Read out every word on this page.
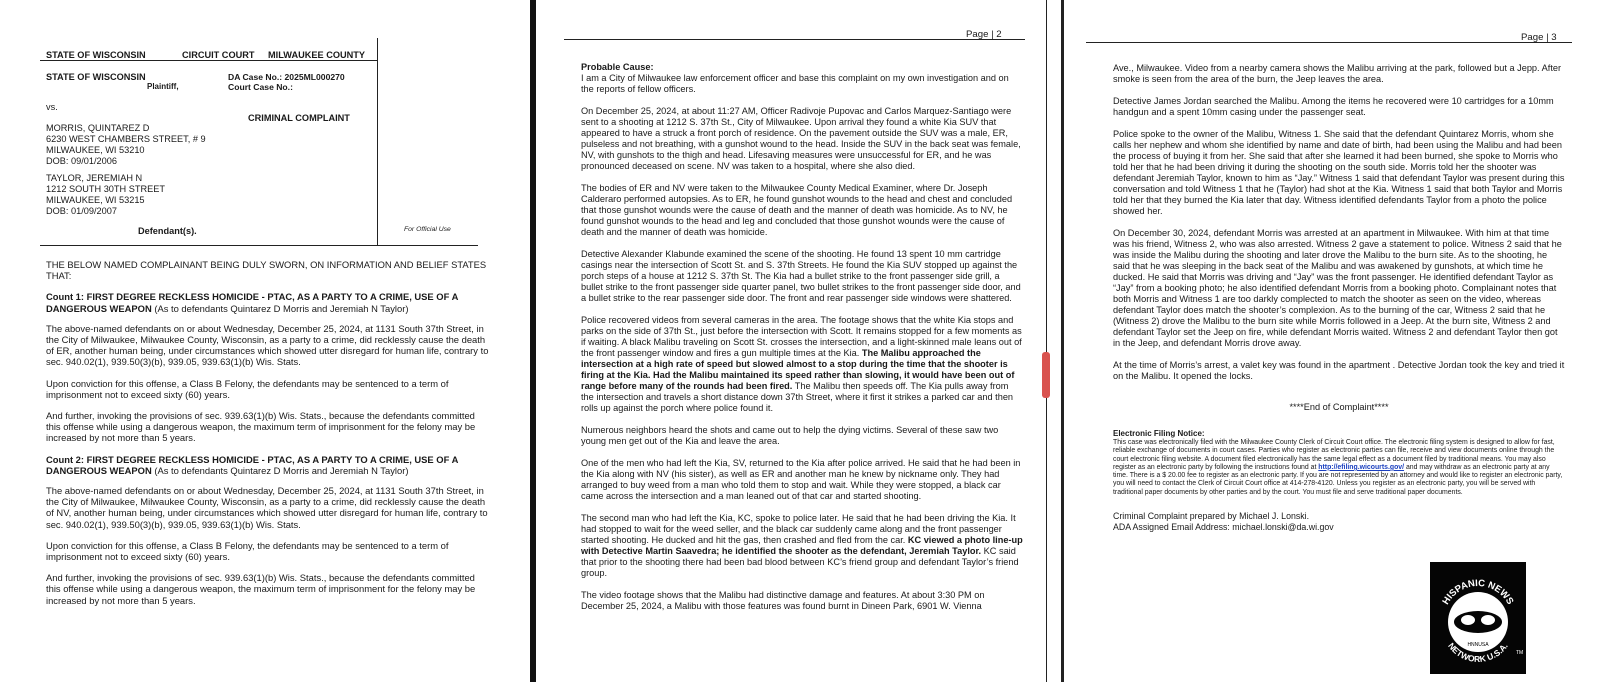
STATE OF WISCONSIN	CIRCUIT COURT MILWAUKEE COUNTY
STATE OF WISCONSIN
Plaintiff,
DA Case No.: 2025ML000270
Court Case No.:
vs.
CRIMINAL COMPLAINT
MORRIS, QUINTAREZ D
6230 WEST CHAMBERS STREET, # 9
MILWAUKEE, WI 53210
DOB: 09/01/2006
TAYLOR, JEREMIAH N
1212 SOUTH 30TH STREET
MILWAUKEE, WI 53215
DOB: 01/09/2007
Defendant(s).	For Official Use

THE BELOW NAMED COMPLAINANT BEING DULY SWORN, ON INFORMATION AND BELIEF STATES THAT:

Count 1: FIRST DEGREE RECKLESS HOMICIDE - PTAC, AS A PARTY TO A CRIME, USE OF A DANGEROUS WEAPON (As to defendants Quintarez D Morris and Jeremiah N Taylor)

The above-named defendants on or about Wednesday, December 25, 2024, at 1131 South 37th Street, in the City of Milwaukee, Milwaukee County, Wisconsin, as a party to a crime, did recklessly cause the death of ER, another human being, under circumstances which showed utter disregard for human life, contrary to sec. 940.02(1), 939.50(3)(b), 939.05, 939.63(1)(b) Wis. Stats.

Upon conviction for this offense, a Class B Felony, the defendants may be sentenced to a term of imprisonment not to exceed sixty (60) years.

And further, invoking the provisions of sec. 939.63(1)(b) Wis. Stats., because the defendants committed this offense while using a dangerous weapon, the maximum term of imprisonment for the felony may be increased by not more than 5 years.

Count 2: FIRST DEGREE RECKLESS HOMICIDE - PTAC, AS A PARTY TO A CRIME, USE OF A DANGEROUS WEAPON (As to defendants Quintarez D Morris and Jeremiah N Taylor)

The above-named defendants on or about Wednesday, December 25, 2024, at 1131 South 37th Street, in the City of Milwaukee, Milwaukee County, Wisconsin, as a party to a crime, did recklessly cause the death of NV, another human being, under circumstances which showed utter disregard for human life, contrary to sec. 940.02(1), 939.50(3)(b), 939.05, 939.63(1)(b) Wis. Stats.

Upon conviction for this offense, a Class B Felony, the defendants may be sentenced to a term of imprisonment not to exceed sixty (60) years.

And further, invoking the provisions of sec. 939.63(1)(b) Wis. Stats., because the defendants committed this offense while using a dangerous weapon, the maximum term of imprisonment for the felony may be increased by not more than 5 years.

Page | 2

Probable Cause:
I am a City of Milwaukee law enforcement officer and base this complaint on my own investigation and on the reports of fellow officers.

On December 25, 2024, at about 11:27 AM, Officer Radivoje Pupovac and Carlos Marquez-Santiago were sent to a shooting at 1212 S. 37th St., City of Milwaukee. Upon arrival they found a white Kia SUV that appeared to have a struck a front porch of residence. On the pavement outside the SUV was a male, ER, pulseless and not breathing, with a gunshot wound to the head. Inside the SUV in the back seat was female, NV, with gunshots to the thigh and head. Lifesaving measures were unsuccessful for ER, and he was pronounced deceased on scene. NV was taken to a hospital, where she also died.

The bodies of ER and NV were taken to the Milwaukee County Medical Examiner, where Dr. Joseph Calderaro performed autopsies. As to ER, he found gunshot wounds to the head and chest and concluded that those gunshot wounds were the cause of death and the manner of death was homicide. As to NV, he found gunshot wounds to the head and leg and concluded that those gunshot wounds were the cause of death and the manner of death was homicide.

Detective Alexander Klabunde examined the scene of the shooting. He found 13 spent 10 mm cartridge casings near the intersection of Scott St. and S. 37th Streets. He found the Kia SUV stopped up against the porch steps of a house at 1212 S. 37th St. The Kia had a bullet strike to the front passenger side grill, a bullet strike to the front passenger side quarter panel, two bullet strikes to the front passenger side door, and a bullet strike to the rear passenger side door. The front and rear passenger side windows were shattered.

Police recovered videos from several cameras in the area. The footage shows that the white Kia stops and parks on the side of 37th St., just before the intersection with Scott. It remains stopped for a few moments as if waiting. A black Malibu traveling on Scott St. crosses the intersection, and a light-skinned male leans out of the front passenger window and fires a gun multiple times at the Kia. The Malibu approached the intersection at a high rate of speed but slowed almost to a stop during the time that the shooter is firing at the Kia. Had the Malibu maintained its speed rather than slowing, it would have been out of range before many of the rounds had been fired. The Malibu then speeds off. The Kia pulls away from the intersection and travels a short distance down 37th Street, where it first it strikes a parked car and then rolls up against the porch where police found it.

Numerous neighbors heard the shots and came out to help the dying victims. Several of these saw two young men get out of the Kia and leave the area.

One of the men who had left the Kia, SV, returned to the Kia after police arrived. He said that he had been in the Kia along with NV (his sister), as well as ER and another man he knew by nickname only. They had arranged to buy weed from a man who told them to stop and wait. While they were stopped, a black car came across the intersection and a man leaned out of that car and started shooting.

The second man who had left the Kia, KC, spoke to police later. He said that he had been driving the Kia. It had stopped to wait for the weed seller, and the black car suddenly came along and the front passenger started shooting. He ducked and hit the gas, then crashed and fled from the car. KC viewed a photo line-up with Detective Martin Saavedra; he identified the shooter as the defendant, Jeremiah Taylor. KC said that prior to the shooting there had been bad blood between KC’s friend group and defendant Taylor’s friend group.

The video footage shows that the Malibu had distinctive damage and features. At about 3:30 PM on December 25, 2024, a Malibu with those features was found burnt in Dineen Park, 6901 W. Vienna

Page | 3

Ave., Milwaukee. Video from a nearby camera shows the Malibu arriving at the park, followed but a Jepp. After smoke is seen from the area of the burn, the Jeep leaves the area.

Detective James Jordan searched the Malibu. Among the items he recovered were 10 cartridges for a 10mm handgun and a spent 10mm casing under the passenger seat.

Police spoke to the owner of the Malibu, Witness 1. She said that the defendant Quintarez Morris, whom she calls her nephew and whom she identified by name and date of birth, had been using the Malibu and had been the process of buying it from her. She said that after she learned it had been burned, she spoke to Morris who told her that he had been driving it during the shooting on the south side. Morris told her the shooter was defendant Jeremiah Taylor, known to him as “Jay.” Witness 1 said that defendant Taylor was present during this conversation and told Witness 1 that he (Taylor) had shot at the Kia. Witness 1 said that both Taylor and Morris told her that they burned the Kia later that day. Witness identified defendants Taylor from a photo the police showed her.

On December 30, 2024, defendant Morris was arrested at an apartment in Milwaukee. With him at that time was his friend, Witness 2, who was also arrested. Witness 2 gave a statement to police. Witness 2 said that he was inside the Malibu during the shooting and later drove the Malibu to the burn site. As to the shooting, he said that he was sleeping in the back seat of the Malibu and was awakened by gunshots, at which time he ducked. He said that Morris was driving and “Jay” was the front passenger. He identified defendant Taylor as “Jay” from a booking photo; he also identified defendant Morris from a booking photo. Complainant notes that both Morris and Witness 1 are too darkly complected to match the shooter as seen on the video, whereas defendant Taylor does match the shooter’s complexion. As to the burning of the car, Witness 2 said that he (Witness 2) drove the Malibu to the burn site while Morris followed in a Jeep. At the burn site, Witness 2 and defendant Taylor set the Jeep on fire, while defendant Morris waited. Witness 2 and defendant Taylor then got in the Jeep, and defendant Morris drove away.

At the time of Morris’s arrest, a valet key was found in the apartment . Detective Jordan took the key and tried it on the Malibu. It opened the locks.

****End of Complaint****
Electronic Filing Notice:
This case was electronically filed with the Milwaukee County Clerk of Circuit Court office. The electronic filing system is designed to allow for fast, reliable exchange of documents in court cases. Parties who register as electronic parties can file, receive and view documents online through the court electronic filing website. A document filed electronically has the same legal effect as a document filed by traditional means. You may also register as an electronic party by following the instructions found at http://efiling.wicourts.gov/ and may withdraw as an electronic party at any time. There is a $ 20.00 fee to register as an electronic party. If you are not represented by an attorney and would like to register an electronic party, you will need to contact the Clerk of Circuit Court office at 414-278-4120. Unless you register as an electronic party, you will be served with traditional paper documents by other parties and by the court. You must file and serve traditional paper documents.
Criminal Complaint prepared by Michael J. Lonski.
ADA Assigned Email Address: michael.lonski@da.wi.gov
HISPANIC NEWS
HNNUSA
NETWORK U.S.A.
TM
